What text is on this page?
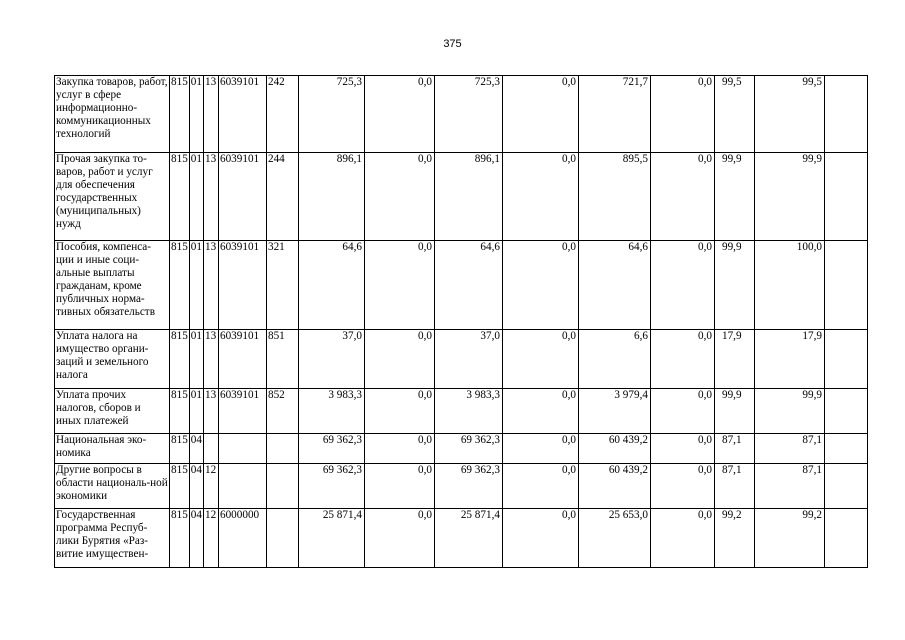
375
Закупка товаров, работ, услуг в сфере информационно-коммуникационных технологий	815	01	13	6039101	242	725,3	0,0	725,3	0,0	721,7	0,0	99,5	99,5	
Прочая закупка то-варов, работ и услуг для обеспечения государственных (муниципальных) нужд	815	01	13	6039101	244	896,1	0,0	896,1	0,0	895,5	0,0	99,9	99,9	
Пособия, компенса-ции и иные соци-альные выплаты гражданам, кроме публичных норма-тивных обязательств	815	01	13	6039101	321	64,6	0,0	64,6	0,0	64,6	0,0	99,9	100,0	
Уплата налога на имущество органи-заций и земельного налога	815	01	13	6039101	851	37,0	0,0	37,0	0,0	6,6	0,0	17,9	17,9	
Уплата прочих налогов, сборов и иных платежей	815	01	13	6039101	852	3 983,3	0,0	3 983,3	0,0	3 979,4	0,0	99,9	99,9	
Национальная эко-номика	815	04				69 362,3	0,0	69 362,3	0,0	60 439,2	0,0	87,1	87,1	
Другие вопросы в области националь-ной экономики	815	04	12			69 362,3	0,0	69 362,3	0,0	60 439,2	0,0	87,1	87,1	
Государственная программа Респуб-лики Бурятия «Раз-витие имуществен-	815	04	12	6000000		25 871,4	0,0	25 871,4	0,0	25 653,0	0,0	99,2	99,2	
